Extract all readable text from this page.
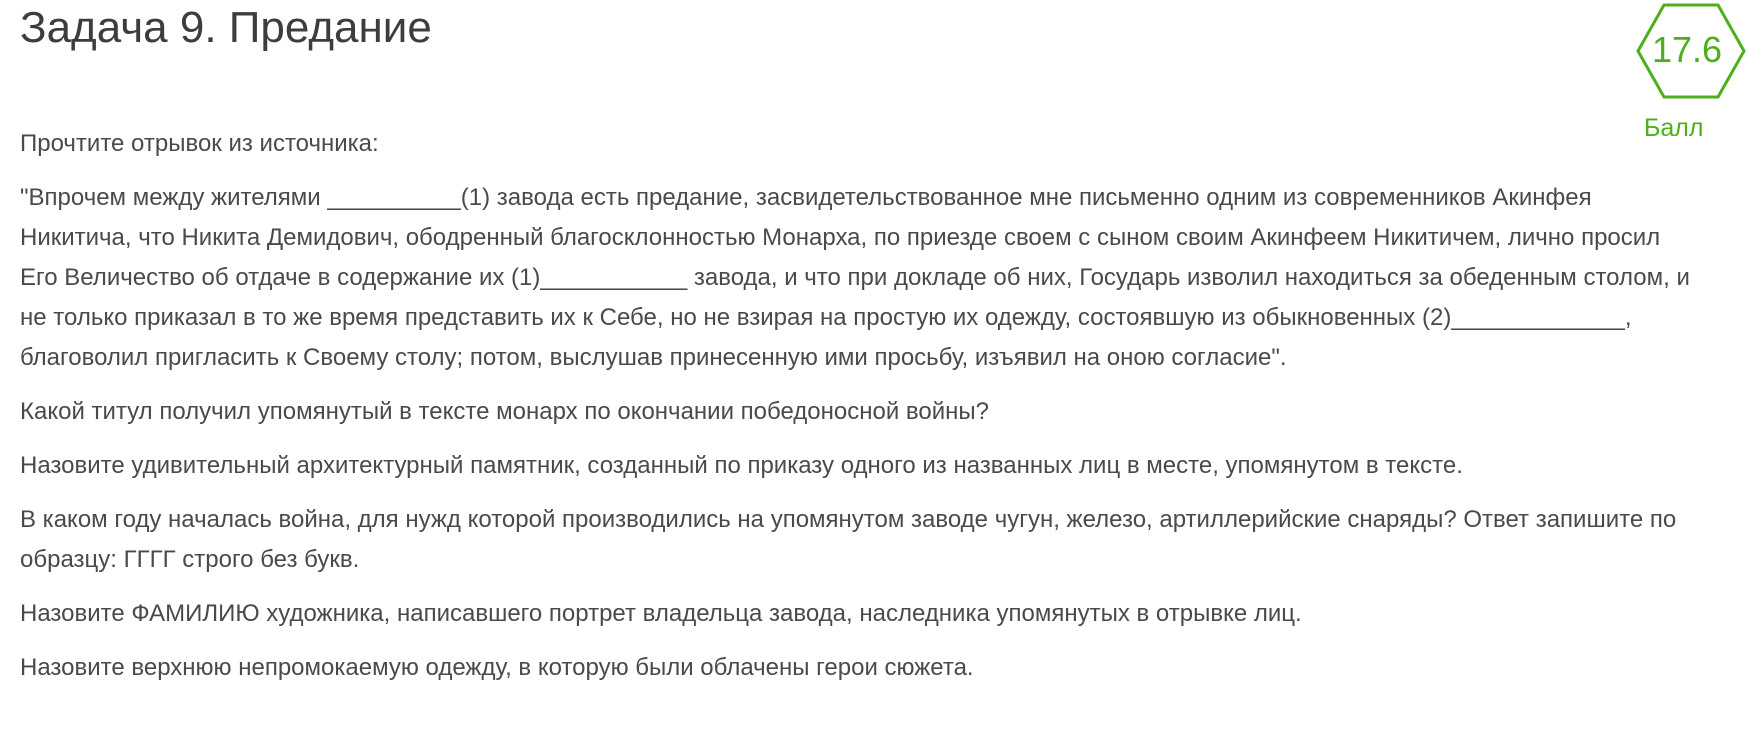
Задача 9. Предание	17.6
Балл

Прочтите отрывок из источника:

"Впрочем между жителями __________(1) завода есть предание, засвидетельствованное мне письменно одним из современников Акинфея Никитича, что Никита Демидович, ободренный благосклонностью Монарха, по приезде своем с сыном своим Акинфеем Никитичем, лично просил Его Величество об отдаче в содержание их (1)___________ завода, и что при докладе об них, Государь изволил находиться за обеденным столом, и не только приказал в то же время представить их к Себе, но не взирая на простую их одежду, состоявшую из обыкновенных (2)_____________, благоволил пригласить к Своему столу; потом, выслушав принесенную ими просьбу, изъявил на оною согласие".

Какой титул получил упомянутый в тексте монарх по окончании победоносной войны?

Назовите удивительный архитектурный памятник, созданный по приказу одного из названных лиц в месте, упомянутом в тексте.

В каком году началась война, для нужд которой производились на упомянутом заводе чугун, железо, артиллерийские снаряды? Ответ запишите по образцу: ГГГГ строго без букв.

Назовите ФАМИЛИЮ художника, написавшего портрет владельца завода, наследника упомянутых в отрывке лиц.

Назовите верхнюю непромокаемую одежду, в которую были облачены герои сюжета.
